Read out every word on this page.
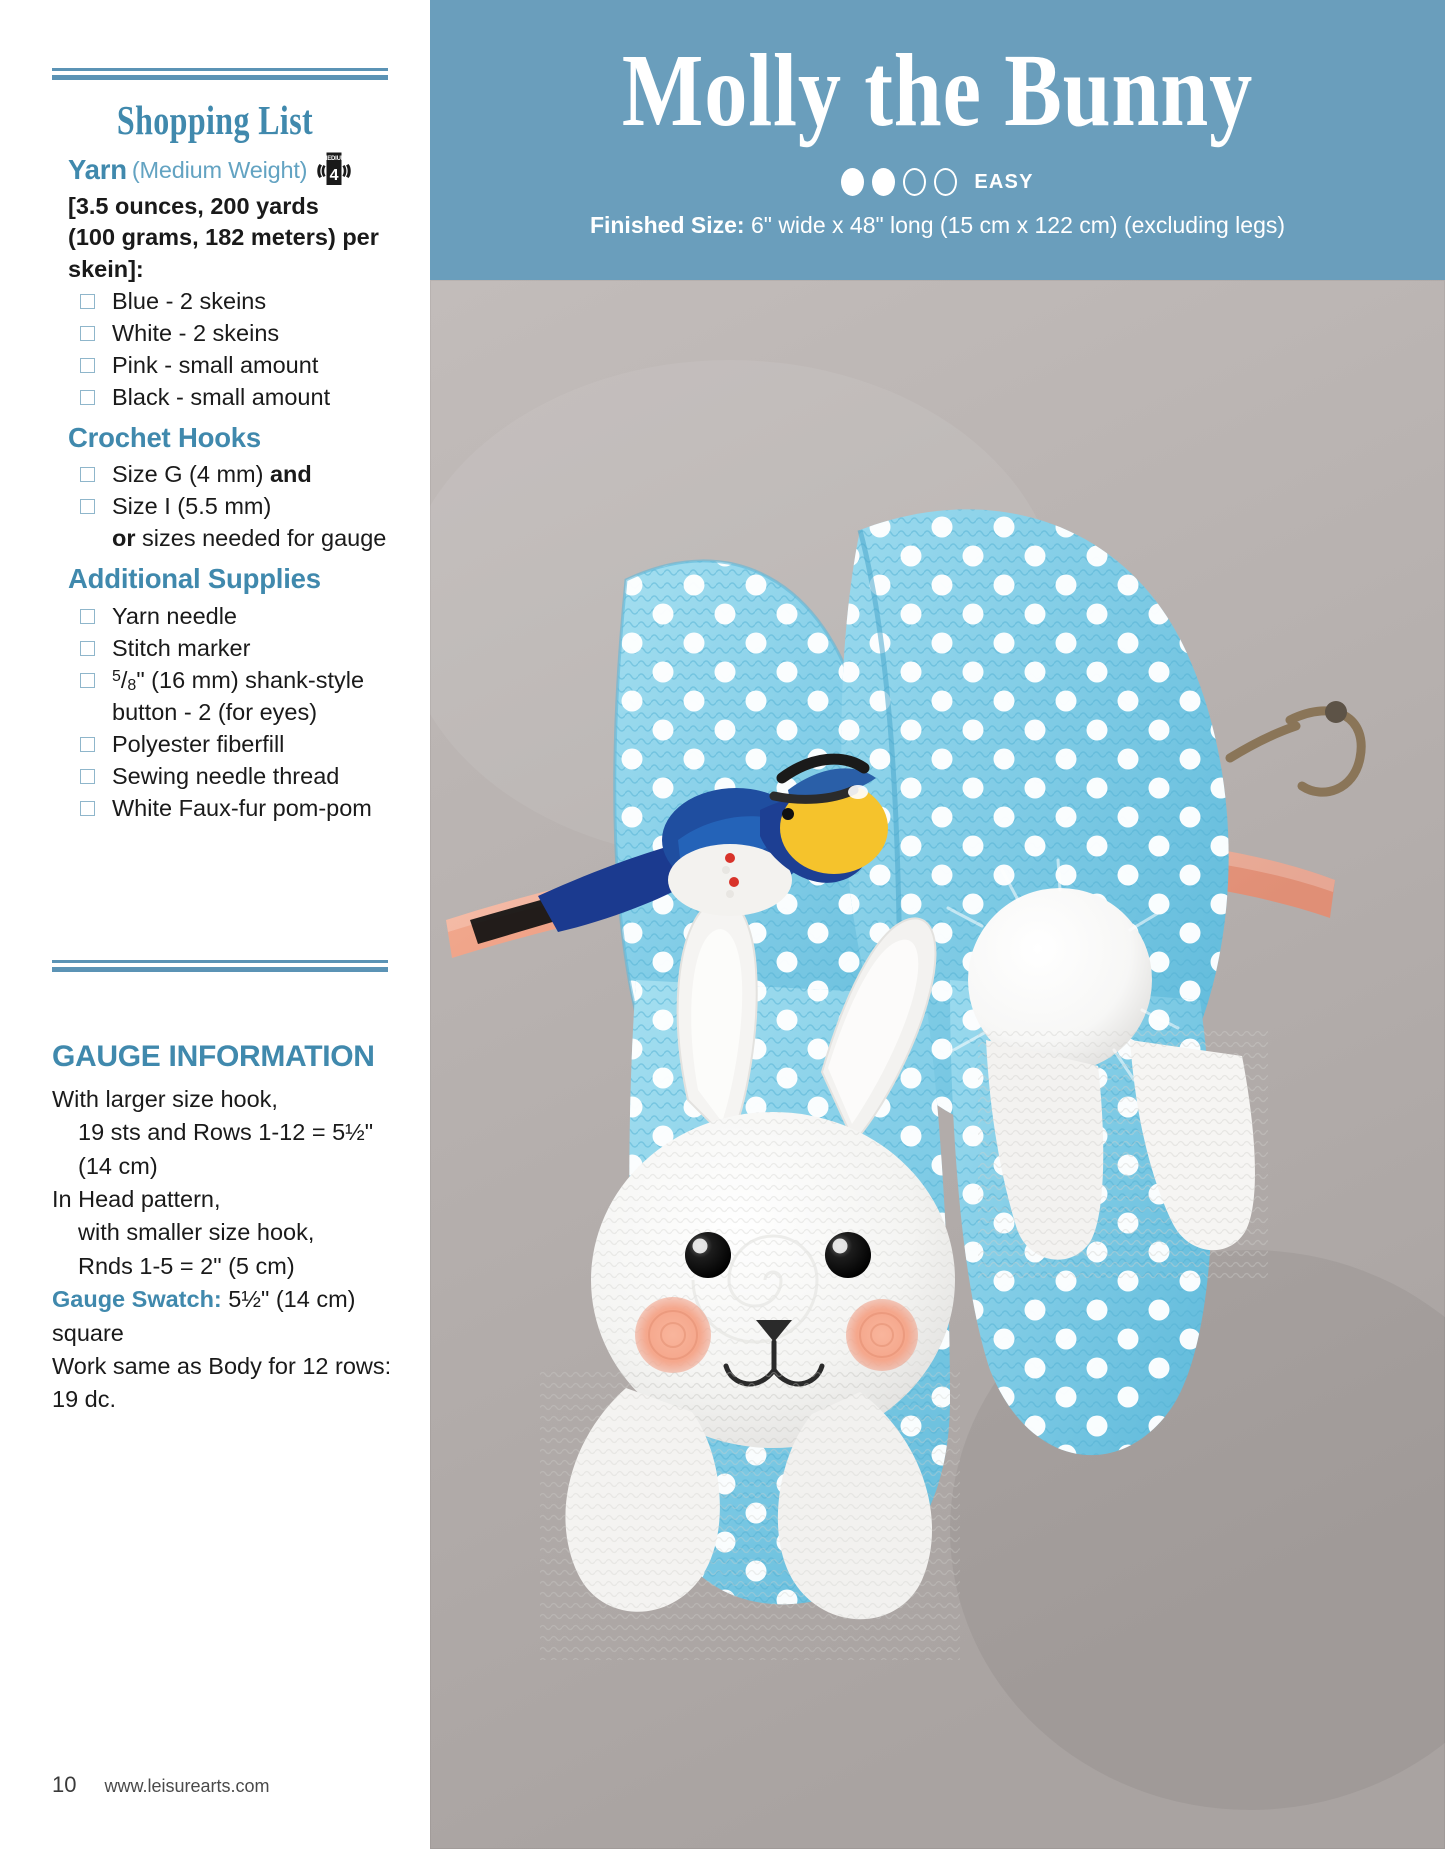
Shopping List
Yarn (Medium Weight)	MEDIUM
4
[3.5 ounces, 200 yards
(100 grams, 182 meters) per skein]:
Blue - 2 skeins
White - 2 skeins
Pink - small amount
Black - small amount
Crochet Hooks
Size G (4 mm) and
Size I (5.5 mm)
or sizes needed for gauge
Additional Supplies
Yarn needle
Stitch marker
$^5/_8$" (16 mm) shank-style
button - 2 (for eyes)
Polyester fiberfill
Sewing needle thread
White Faux-fur pom-pom
GAUGE INFORMATION
With larger size hook,
19 sts and Rows 1-12 = 5½" (14 cm)
In Head pattern,
with smaller size hook,
Rnds 1-5 = 2" (5 cm)
Gauge Swatch: 5½" (14 cm) square
Work same as Body for 12 rows:
19 dc.
10 www.leisurearts.com
Molly the Bunny
EASY
Finished Size: 6" wide x 48" long (15 cm x 122 cm) (excluding legs)
